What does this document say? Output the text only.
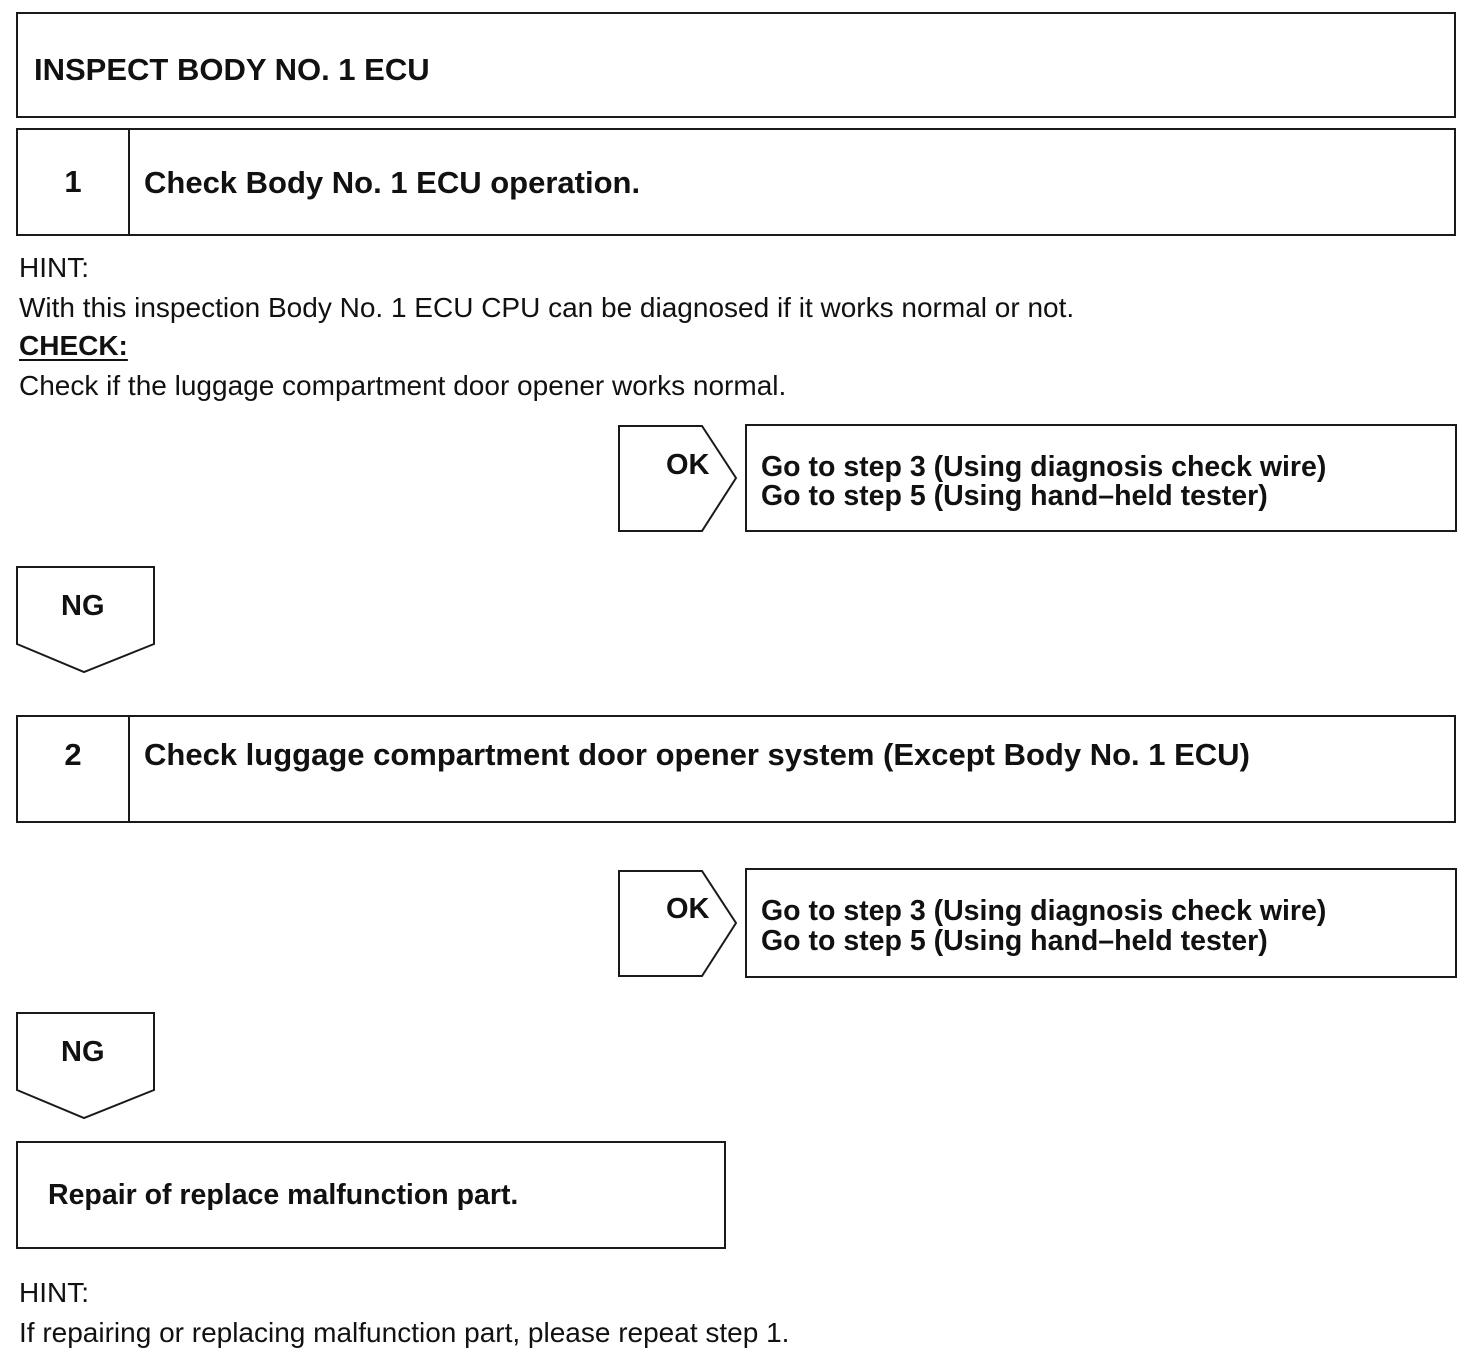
INSPECT BODY NO. 1 ECU
1	Check Body No. 1 ECU operation.
HINT:
With this inspection Body No. 1 ECU CPU can be diagnosed if it works normal or not.
CHECK:
Check if the luggage compartment door opener works normal.
OK Go to step 3 (Using diagnosis check wire)
Go to step 5 (Using hand–held tester)
NG
2	Check luggage compartment door opener system (Except Body No. 1 ECU)
OK Go to step 3 (Using diagnosis check wire)
Go to step 5 (Using hand–held tester)
NG
Repair of replace malfunction part.
HINT:
If repairing or replacing malfunction part, please repeat step 1.
